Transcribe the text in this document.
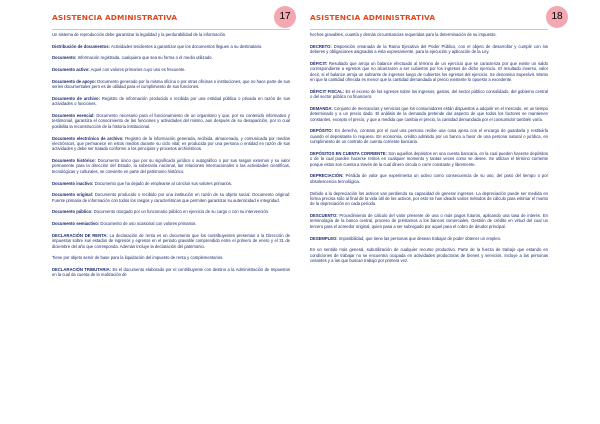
ASISTENCIA ADMINISTRATIVA	17

Un sistema de reproducción debe garantizar la legalidad y la perdurabilidad de la información.

Distribución de documentos: Actividades tendientes a garantizar que los documentos lleguen a su destinatario.

Documento: Información registrada, cualquiera que sea su forma o el medio utilizado.

Documento activo: Aquel con valores primarios cuyo uso es frecuente.

Documento de apoyo: Documento generado por la misma oficina o por otras oficinas o instituciones, que no hace parte de sus series documentales pero es de utilidad para el cumplimiento de sus funciones.

Documento de archivo: Registro de información producida o recibida por una entidad pública o privada en razón de sus actividades o funciones.

Documento esencial: Documento necesario para el funcionamiento de un organismo y que, por su contenido informativo y testimonial, garantiza el conocimiento de las funciones y actividades del mismo, aun después de su desaparición, por lo cual posibilita la reconstrucción de la historia institucional.

Documento electrónico de archivo: Registro de la información generada, recibida, almacenada, y comunicada por medios electrónicos, que permanece en estos medios durante su ciclo vital; es producida por una persona o entidad en razón de sus actividades y debe ser tratada conforme a los principios y procesos archivísticos.

Documento histórico: Documento único que por su significado jurídico o autográfico o por sus rasgos externos y su valor permanente para la dirección del Estado, la soberanía nacional, las relaciones internacionales o las actividades científicas, tecnológicas y culturales, se convierte en parte del patrimonio histórico.

Documento inactivo: Documento que ha dejado de emplearse al concluir sus valores primarios.

Documento original: Documento producido o recibido por una institución en razón de su objeto social. Documento original: Fuente primaria de información con todos los rasgos y características que permiten garantizar su autenticidad e integridad.

Documento público: Documento otorgado por un funcionario público en ejercicio de su cargo o con su intervención.

Documento semiactivo: Documento de uso ocasional con valores primarios.

DECLARACIÓN DE RENTA: La declaración de renta es un documento que los contribuyentes presentan a la Dirección de impuestos sobre sus estados de ingresos y egresos en el periodo gravable comprendido entre el primero de enero y el 31 de diciembre del año que corresponda. Además incluye la declaración del patrimonio.

Tiene por objeto servir de base para la liquidación del impuesto de renta y complementarios.

DECLARACIÓN TRIBUTARIA: Es el documento elaborado por el contribuyente con destino a la Administración de Impuestos en la cual da cuenta de la realización de

ASISTENCIA ADMINISTRATIVA	18

hechos gravables, cuantía y demás circunstancias requeridas para la determinación de su impuesto.

DECRETO: Disposición emanada de la Rama Ejecutiva del Poder Público, con el objeto de desarrollar y cumplir con los deberes y obligaciones asignadas a ésta expresamente, para la ejecución y aplicación de la Ley.

DÉFICIT: Resultado que arroja un balance efectuado al término de un ejercicio que se caracteriza por que existe un saldo correspondiente a egresos que no alcanzaron a ser cubiertos por los ingresos de dicho ejercicio. El resultado inverso, valor decir, si el balance arroja un sobrante de ingresos luego de cubiertos los egresos del ejercicio. Se denomina Superávit. Monto en que la cantidad ofrecida es menor que la cantidad demandada al precio existente lo opuesto a excedente.

DÉFICIT FISCAL: Es el exceso de los egresos sobre los ingresos, gastos, del sector público consolidado, del gobierno central o del sector público no financiero.

DEMANDA: Conjunto de mercancías y servicios que los consumidores están dispuestos a adquirir en el mercado, en un tiempo determinado y a un precio dado. El análisis de la demanda pretende dar aspecto de que todos los factores se mantienen constantes, excepto el precio, y que a medida que cambia el precio, la cantidad demandada por el consumidor también varía.

DEPÓSITO: En derecho, contrato por el cual una persona recibe una cosa ajena con el encargo de guardarla y restituirla cuando el depositante lo requiera. En economía, crédito admitido por un banco a favor de una persona natural o jurídica, en cumplimiento de un contrato de cuenta corriente bancaria.

DEPÓSITOS EN CUENTA CORRIENTE: Son aquellos depósitos en una cuenta bancaria, en la cual pueden hacerse depósitos o de la cual pueden hacerse retiros en cualquier momento y tantas veces como se desee. Se utilizan el término corriente porque estos son cuenta a través de la cual dinero circula o corre constante y libremente.

DEPRECIACIÓN: Pérdida de valor que experimenta un activo como consecuencia de su uso, del paso del tiempo o por obsolescencia tecnológica.

Debido a la depreciación los activos van perdiendo su capacidad de generar ingresos. La depreciación puede ser medida en forma precisa sólo al final de la vida útil de los activos, por esto se han ideado varios métodos de cálculo para estimar el monto de la depreciación en cada periodo.

DESCUENTO: Procedimiento de cálculo del valor presente de una o más pagos futuros, aplicando una tasa de interés. En terminología de la banca central, proceso de préstamos a los bancos comerciales. Gestión de crédito en virtud del cual un tercero para el acreedor original, quien pasa a ser subrogado por aquel para el cobro de deudor principal.

DESEMPLEO: Imposibilidad, que tiene las personas que desean trabajar de poder obtener un empleo.

En un sentido más general, subutilización de cualquier recurso productivo. Parte de la fuerza de trabajo que estando en condiciones de trabajar no se encuentra ocupada en actividades productoras de bienes y servicios. Incluye a las personas cesantes y a las que buscan trabajo por primera vez.
